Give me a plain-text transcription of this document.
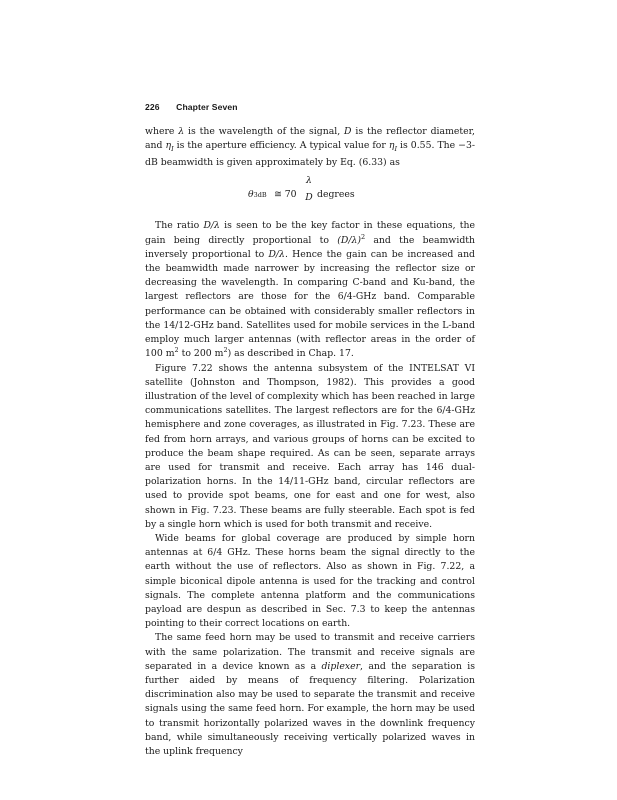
226 Chapter Seven

where λ is the wavelength of the signal, D is the reflector diameter, and $\eta_I$ is the aperture efficiency. A typical value for $\eta_I$ is 0.55. The −3-dB beamwidth is given approximately by Eq. (6.33) as

θ3dB ≅ 70
λ
D degrees

The ratio D/λ is seen to be the key factor in these equations, the gain being directly proportional to $(D/\lambda)^2$ and the beamwidth inversely proportional to D/λ. Hence the gain can be increased and the beamwidth made narrower by increasing the reflector size or decreasing the wavelength. In comparing C-band and Ku-band, the largest reflectors are those for the 6/4-GHz band. Comparable performance can be obtained with considerably smaller reflectors in the 14/12-GHz band. Satellites used for mobile services in the L-band employ much larger antennas (with reflector areas in the order of 100 $m^2$ to 200 $m^2$) as described in Chap. 17.

Figure 7.22 shows the antenna subsystem of the INTELSAT VI satellite (Johnston and Thompson, 1982). This provides a good illustration of the level of complexity which has been reached in large communications satellites. The largest reflectors are for the 6/4-GHz hemisphere and zone coverages, as illustrated in Fig. 7.23. These are fed from horn arrays, and various groups of horns can be excited to produce the beam shape required. As can be seen, separate arrays are used for transmit and receive. Each array has 146 dual-polarization horns. In the 14/11-GHz band, circular reflectors are used to provide spot beams, one for east and one for west, also shown in Fig. 7.23. These beams are fully steerable. Each spot is fed by a single horn which is used for both transmit and receive.

Wide beams for global coverage are produced by simple horn antennas at 6/4 GHz. These horns beam the signal directly to the earth without the use of reflectors. Also as shown in Fig. 7.22, a simple biconical dipole antenna is used for the tracking and control signals. The complete antenna platform and the communications payload are despun as described in Sec. 7.3 to keep the antennas pointing to their correct locations on earth.

The same feed horn may be used to transmit and receive carriers with the same polarization. The transmit and receive signals are separated in a device known as a diplexer, and the separation is further aided by means of frequency filtering. Polarization discrimination also may be used to separate the transmit and receive signals using the same feed horn. For example, the horn may be used to transmit horizontally polarized waves in the downlink frequency band, while simultaneously receiving vertically polarized waves in the uplink frequency
